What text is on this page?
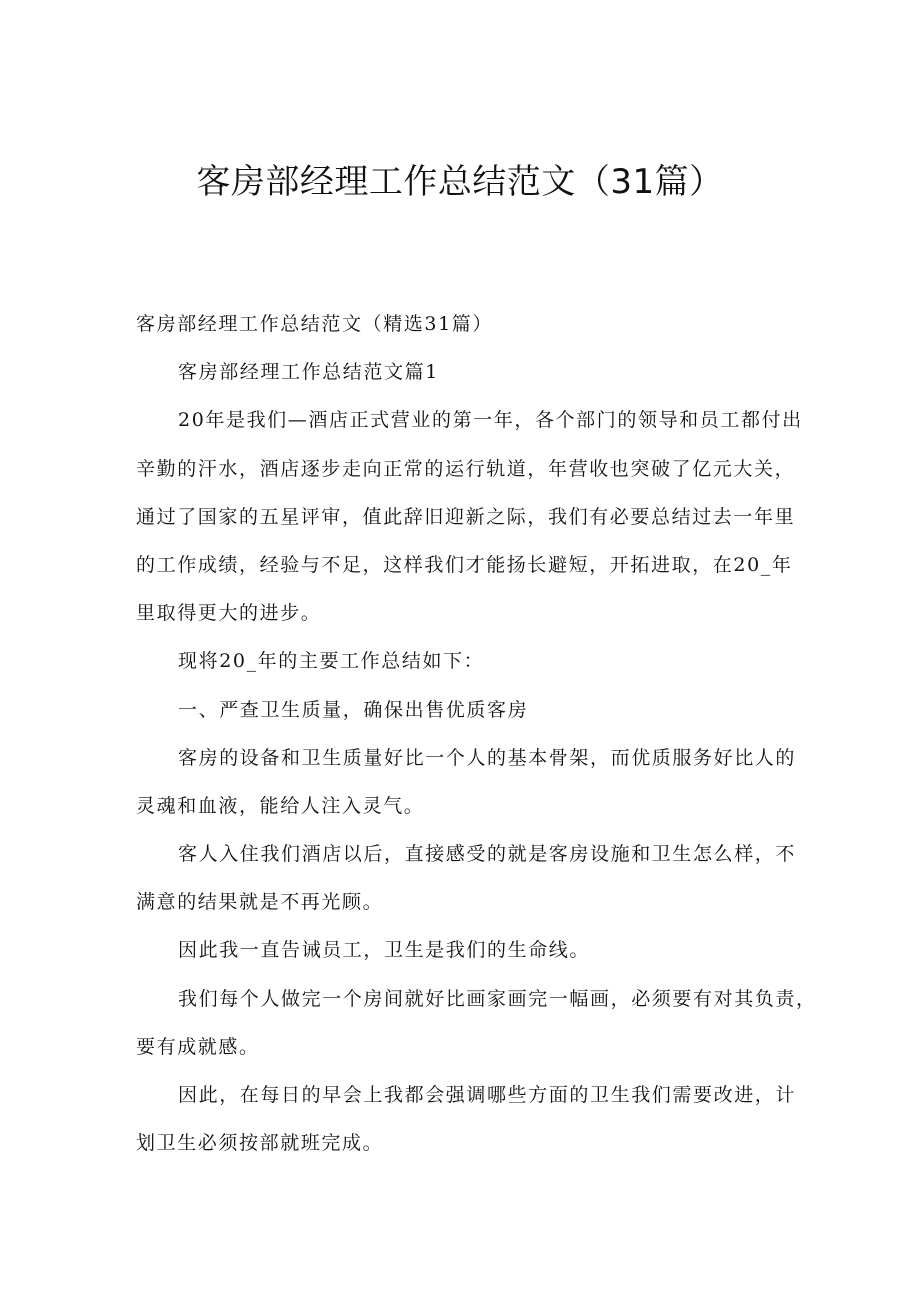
客房部经理工作总结范文（31篇）
客房部经理工作总结范文（精选31篇）
客房部经理工作总结范文篇1
20年是我们—酒店正式营业的第一年，各个部门的领导和员工都付出
辛勤的汗水，酒店逐步走向正常的运行轨道，年营收也突破了亿元大关，
通过了国家的五星评审，值此辞旧迎新之际，我们有必要总结过去一年里
的工作成绩，经验与不足，这样我们才能扬长避短，开拓进取，在20_年
里取得更大的进步。
现将20_年的主要工作总结如下：
一、严查卫生质量，确保出售优质客房
客房的设备和卫生质量好比一个人的基本骨架，而优质服务好比人的
灵魂和血液，能给人注入灵气。
客人入住我们酒店以后，直接感受的就是客房设施和卫生怎么样，不
满意的结果就是不再光顾。
因此我一直告诫员工，卫生是我们的生命线。
我们每个人做完一个房间就好比画家画完一幅画，必须要有对其负责，
要有成就感。
因此，在每日的早会上我都会强调哪些方面的卫生我们需要改进，计
划卫生必须按部就班完成。
